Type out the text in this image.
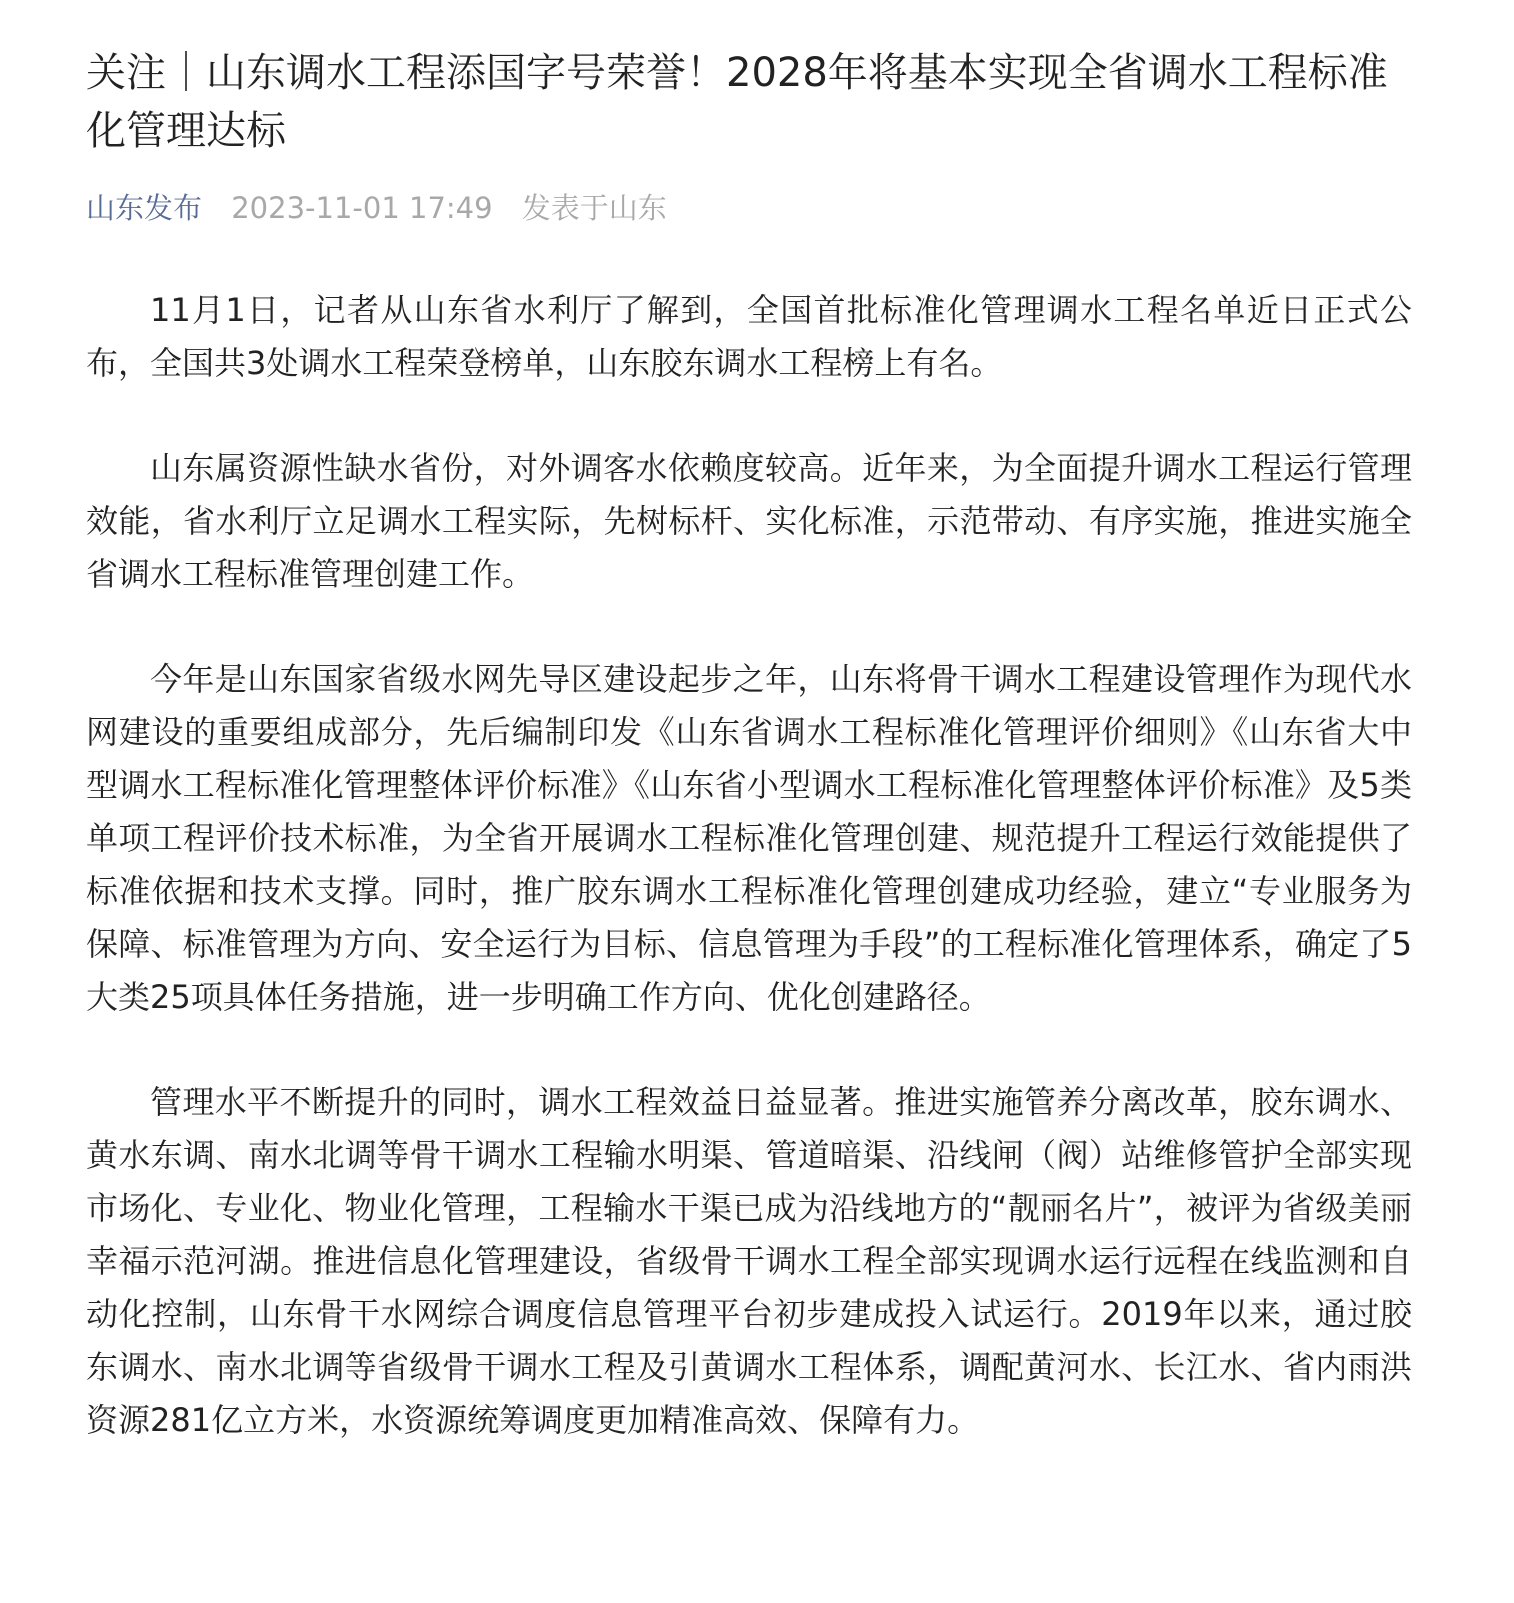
关注｜山东调水工程添国字号荣誉！2028年将基本实现全省调水工程标准化管理达标
山东发布 2023-11-01 17:49 发表于山东

11月1日，记者从山东省水利厅了解到，全国首批标准化管理调水工程名单近日正式公布，全国共3处调水工程荣登榜单，山东胶东调水工程榜上有名。

山东属资源性缺水省份，对外调客水依赖度较高。近年来，为全面提升调水工程运行管理效能，省水利厅立足调水工程实际，先树标杆、实化标准，示范带动、有序实施，推进实施全省调水工程标准管理创建工作。

今年是山东国家省级水网先导区建设起步之年，山东将骨干调水工程建设管理作为现代水网建设的重要组成部分，先后编制印发《山东省调水工程标准化管理评价细则》《山东省大中型调水工程标准化管理整体评价标准》《山东省小型调水工程标准化管理整体评价标准》及5类单项工程评价技术标准，为全省开展调水工程标准化管理创建、规范提升工程运行效能提供了标准依据和技术支撑。同时，推广胶东调水工程标准化管理创建成功经验，建立“专业服务为保障、标准管理为方向、安全运行为目标、信息管理为手段”的工程标准化管理体系，确定了5大类25项具体任务措施，进一步明确工作方向、优化创建路径。

管理水平不断提升的同时，调水工程效益日益显著。推进实施管养分离改革，胶东调水、黄水东调、南水北调等骨干调水工程输水明渠、管道暗渠、沿线闸（阀）站维修管护全部实现市场化、专业化、物业化管理，工程输水干渠已成为沿线地方的“靓丽名片”，被评为省级美丽幸福示范河湖。推进信息化管理建设，省级骨干调水工程全部实现调水运行远程在线监测和自动化控制，山东骨干水网综合调度信息管理平台初步建成投入试运行。2019年以来，通过胶东调水、南水北调等省级骨干调水工程及引黄调水工程体系，调配黄河水、长江水、省内雨洪资源281亿立方米，水资源统筹调度更加精准高效、保障有力。
